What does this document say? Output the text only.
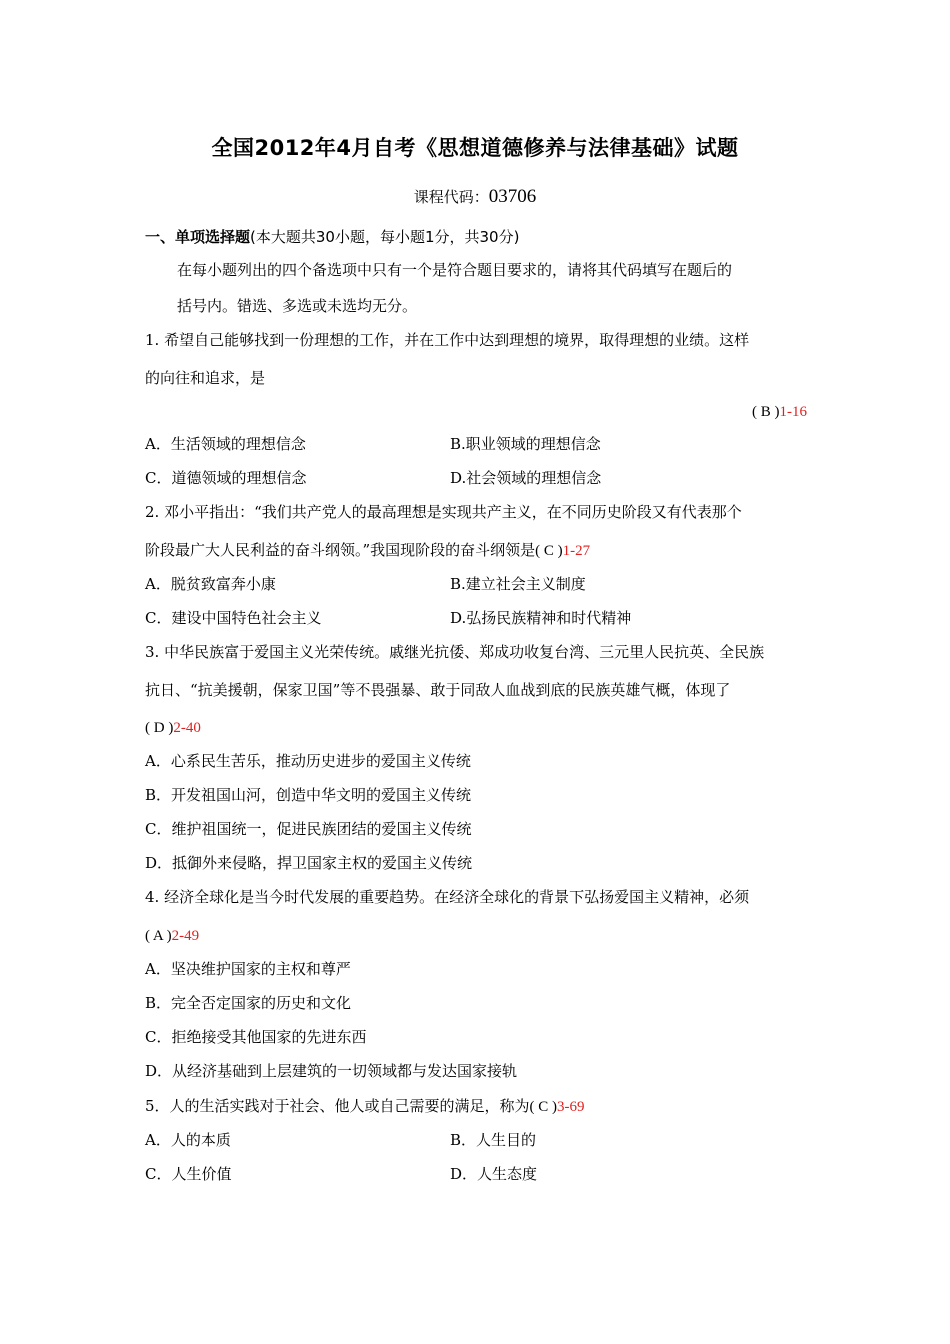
全国2012年4月自考《思想道德修养与法律基础》试题
课程代码：03706
一、单项选择题(本大题共30小题，每小题1分，共30分)
在每小题列出的四个备选项中只有一个是符合题目要求的，请将其代码填写在题后的
括号内。错选、多选或未选均无分。
1. 希望自己能够找到一份理想的工作，并在工作中达到理想的境界，取得理想的业绩。这样
的向往和追求，是
( B )1-16
A．生活领域的理想信念	B.职业领域的理想信念
C．道德领域的理想信念	D.社会领域的理想信念
2. 邓小平指出：“我们共产党人的最高理想是实现共产主义，在不同历史阶段又有代表那个
阶段最广大人民利益的奋斗纲领。”我国现阶段的奋斗纲领是( C )1-27
A．脱贫致富奔小康	B.建立社会主义制度
C．建设中国特色社会主义	D.弘扬民族精神和时代精神
3. 中华民族富于爱国主义光荣传统。戚继光抗倭、郑成功收复台湾、三元里人民抗英、全民族
抗日、“抗美援朝，保家卫国”等不畏强暴、敢于同敌人血战到底的民族英雄气概，体现了
( D )2-40
A．心系民生苦乐，推动历史进步的爱国主义传统
B．开发祖国山河，创造中华文明的爱国主义传统
C．维护祖国统一，促进民族团结的爱国主义传统
D．抵御外来侵略，捍卫国家主权的爱国主义传统
4. 经济全球化是当今时代发展的重要趋势。在经济全球化的背景下弘扬爱国主义精神，必须
( A )2-49
A．坚决维护国家的主权和尊严
B．完全否定国家的历史和文化
C．拒绝接受其他国家的先进东西
D．从经济基础到上层建筑的一切领域都与发达国家接轨
5．人的生活实践对于社会、他人或自己需要的满足，称为( C )3-69
A．人的本质	B．人生目的
C．人生价值	D．人生态度
